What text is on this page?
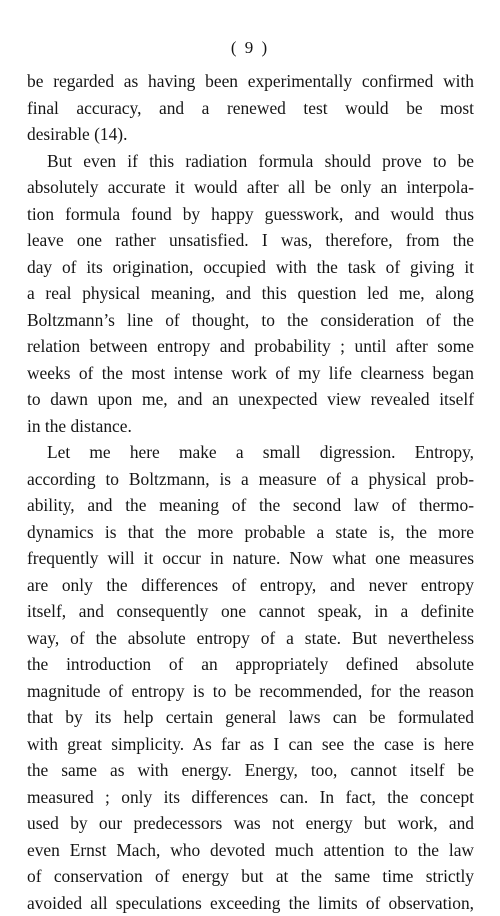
( 9 )
be regarded as having been experimentally confirmed with
final accuracy, and a renewed test would be most
desirable (14).
But even if this radiation formula should prove to be
absolutely accurate it would after all be only an interpola-
tion formula found by happy guesswork, and would thus
leave one rather unsatisfied. I was, therefore, from the
day of its origination, occupied with the task of giving it
a real physical meaning, and this question led me, along
Boltzmann’s line of thought, to the consideration of the
relation between entropy and probability ; until after some
weeks of the most intense work of my life clearness began
to dawn upon me, and an unexpected view revealed itself
in the distance.
Let me here make a small digression. Entropy,
according to Boltzmann, is a measure of a physical prob-
ability, and the meaning of the second law of thermo-
dynamics is that the more probable a state is, the more
frequently will it occur in nature. Now what one measures
are only the differences of entropy, and never entropy
itself, and consequently one cannot speak, in a definite
way, of the absolute entropy of a state. But nevertheless
the introduction of an appropriately defined absolute
magnitude of entropy is to be recommended, for the reason
that by its help certain general laws can be formulated
with great simplicity. As far as I can see the case is here
the same as with energy. Energy, too, cannot itself be
measured ; only its differences can. In fact, the concept
used by our predecessors was not energy but work, and
even Ernst Mach, who devoted much attention to the law
of conservation of energy but at the same time strictly
avoided all speculations exceeding the limits of observation,
